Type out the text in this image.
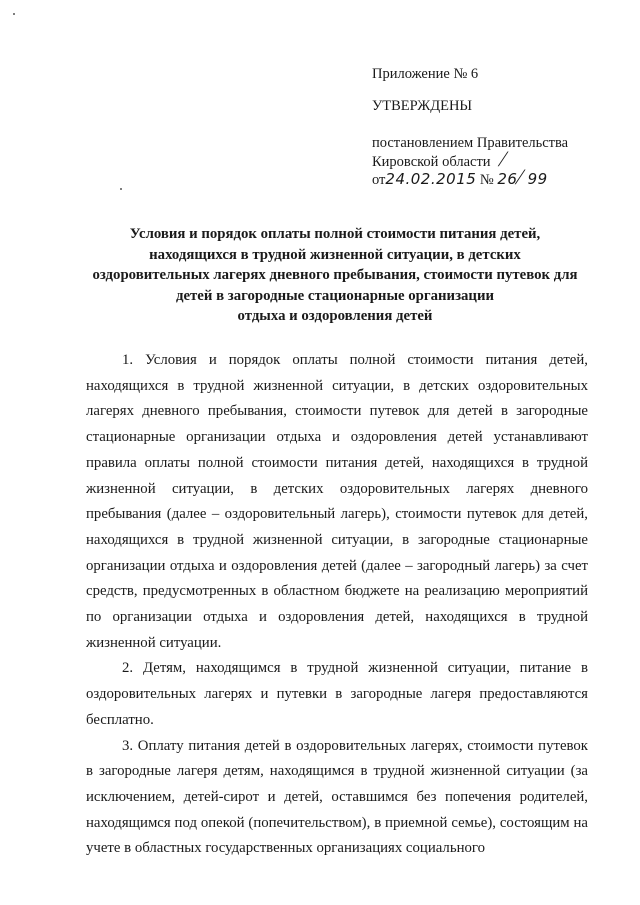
Приложение № 6
УТВЕРЖДЕНЫ
постановлением Правительства
Кировской области /
от24.02.2015 № 26/99
Условия и порядок оплаты полной стоимости питания детей,
находящихся в трудной жизненной ситуации, в детских
оздоровительных лагерях дневного пребывания, стоимости путевок для
детей в загородные стационарные организации
отдыха и оздоровления детей

1. Условия и порядок оплаты полной стоимости питания детей, находящихся в трудной жизненной ситуации, в детских оздоровительных лагерях дневного пребывания, стоимости путевок для детей в загородные стационарные организации отдыха и оздоровления детей устанавливают правила оплаты полной стоимости питания детей, находящихся в трудной жизненной ситуации, в детских оздоровительных лагерях дневного пребывания (далее – оздоровительный лагерь), стоимости путевок для детей, находящихся в трудной жизненной ситуации, в загородные стационарные организации отдыха и оздоровления детей (далее – загородный лагерь) за счет средств, предусмотренных в областном бюджете на реализацию мероприятий по организации отдыха и оздоровления детей, находящихся в трудной жизненной ситуации.

2. Детям, находящимся в трудной жизненной ситуации, питание в оздоровительных лагерях и путевки в загородные лагеря предоставляются бесплатно.

3. Оплату питания детей в оздоровительных лагерях, стоимости путевок в загородные лагеря детям, находящимся в трудной жизненной ситуации (за исключением, детей-сирот и детей, оставшимся без попечения родителей, находящимся под опекой (попечительством), в приемной семье), состоящим на учете в областных государственных организациях социального
